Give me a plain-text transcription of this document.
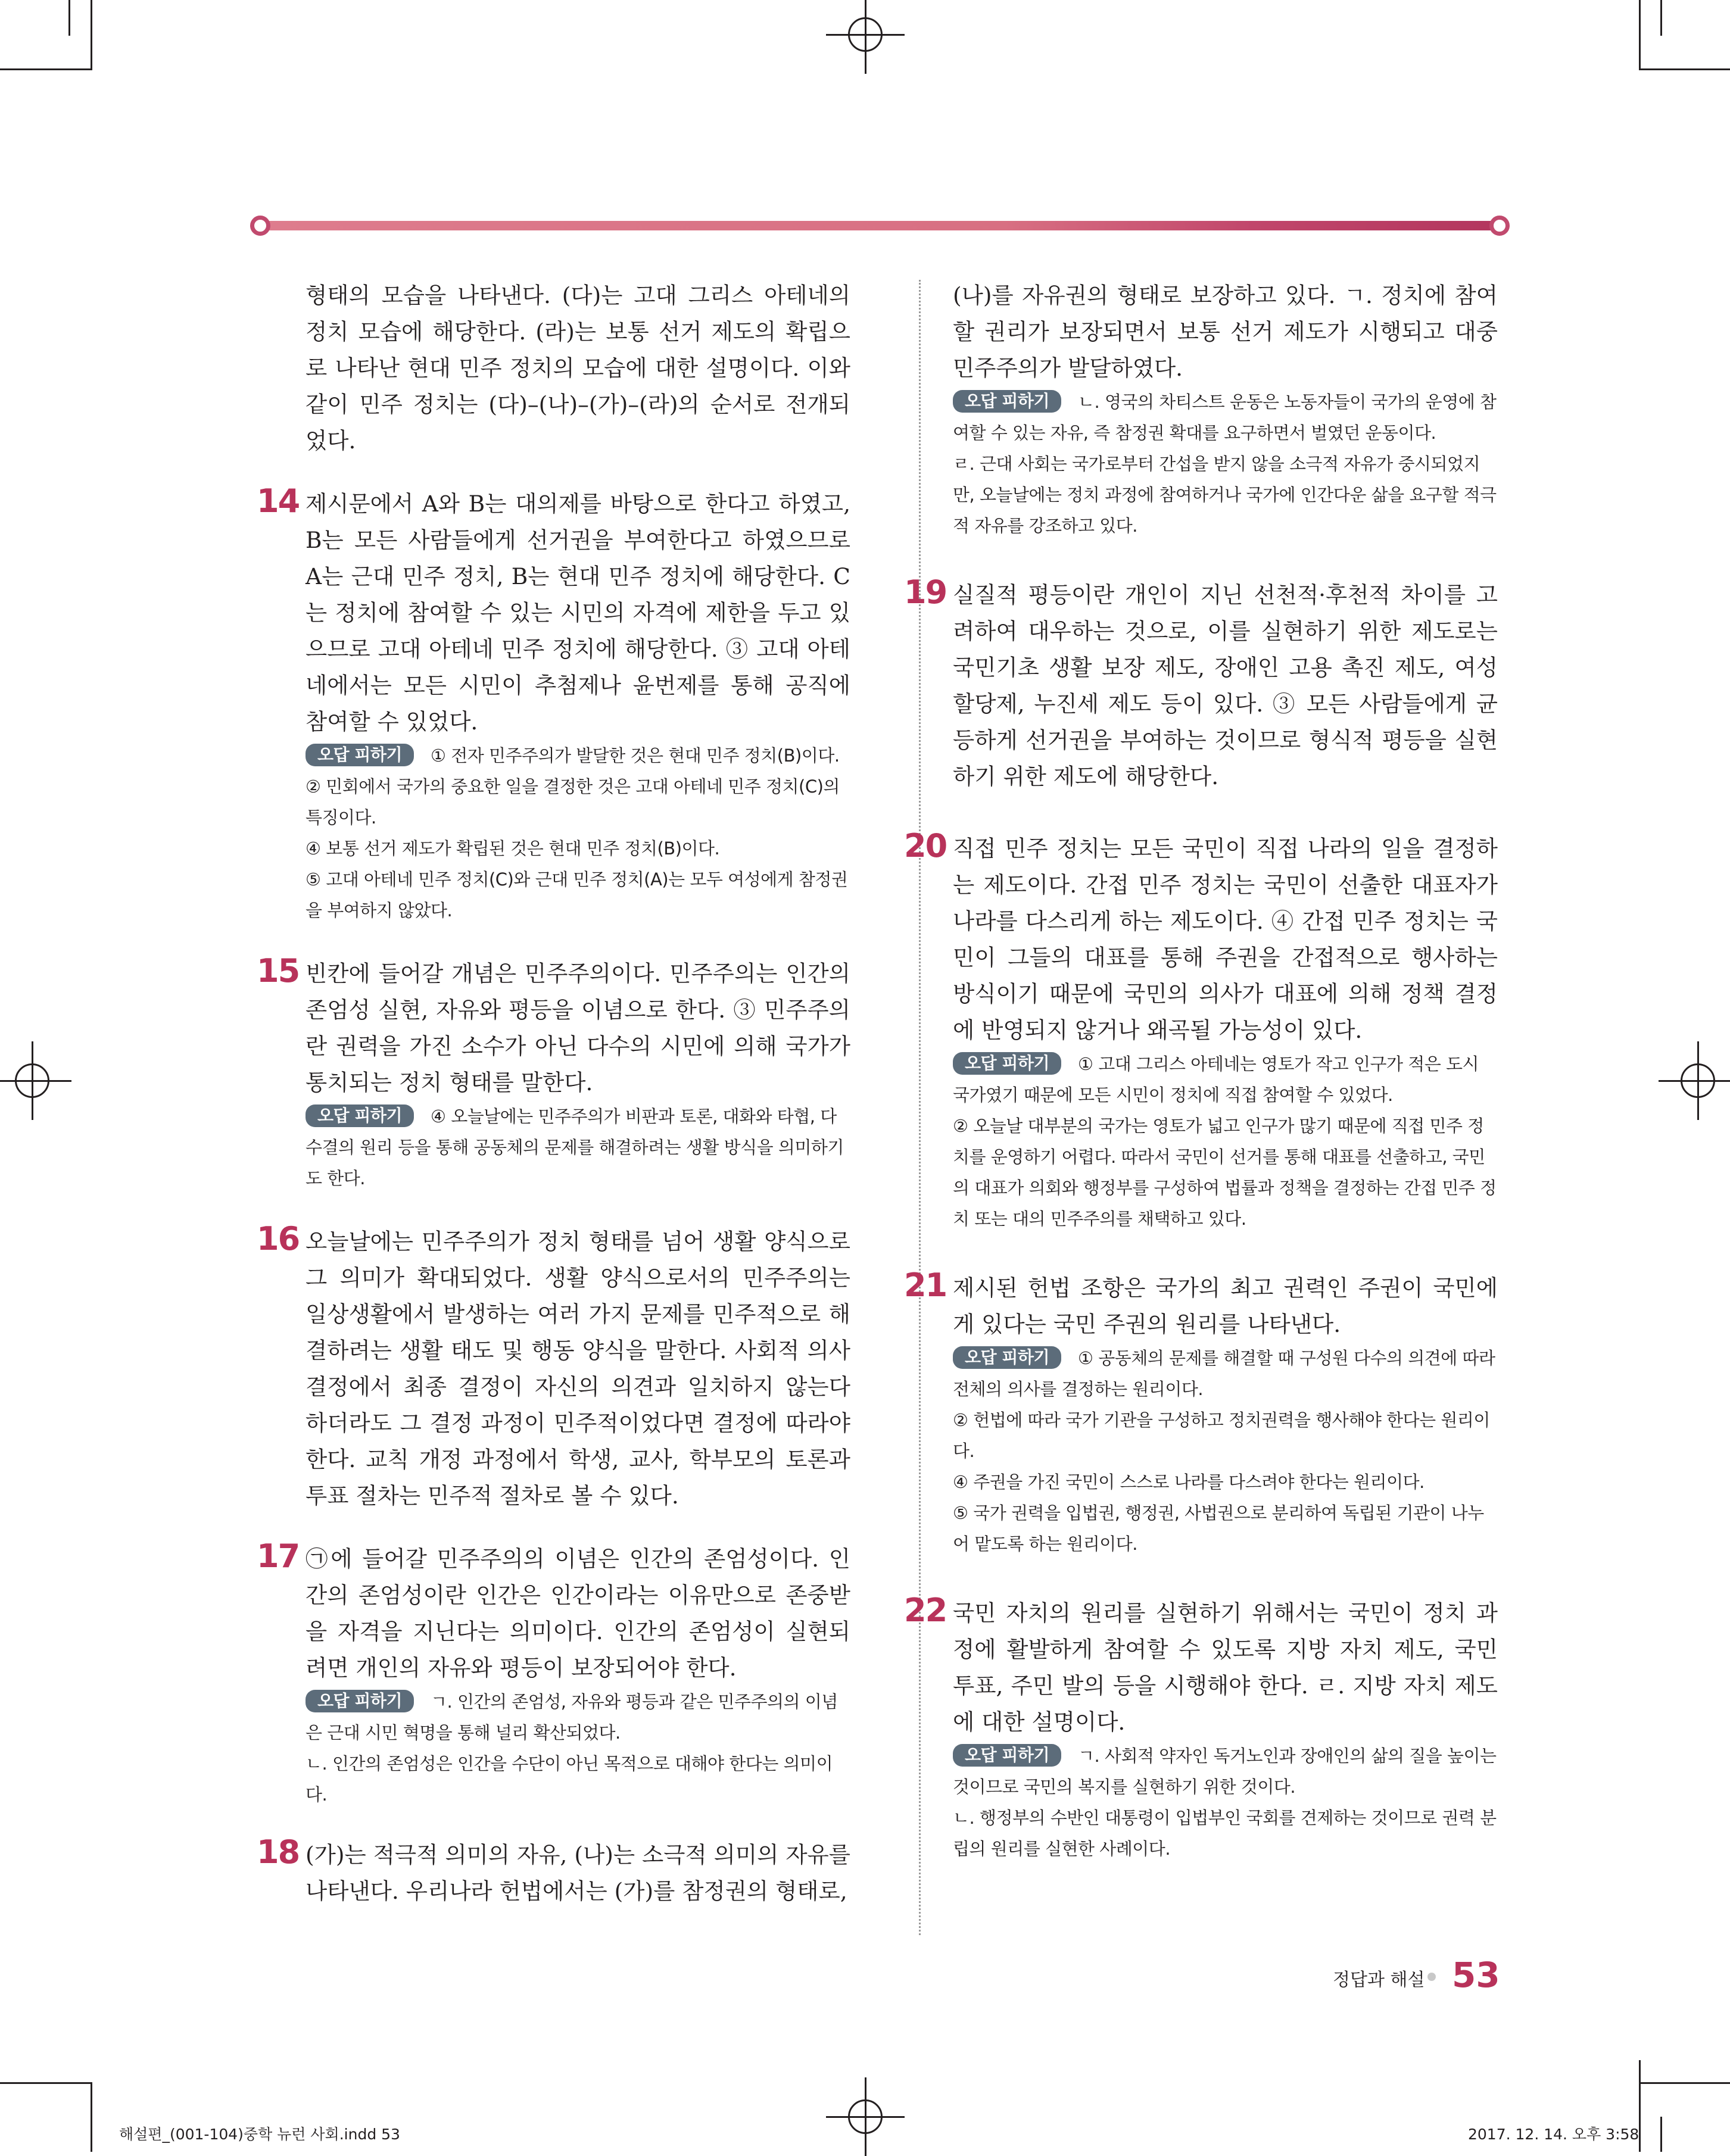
형태의 모습을 나타낸다. (다)는 고대 그리스 아테네의 정치 모습에 해당한다. (라)는 보통 선거 제도의 확립으로 나타난 현대 민주 정치의 모습에 대한 설명이다. 이와 같이 민주 정치는 (다)–(나)–(가)–(라)의 순서로 전개되었다.

14 제시문에서 A와 B는 대의제를 바탕으로 한다고 하였고, B는 모든 사람들에게 선거권을 부여한다고 하였으므로 A는 근대 민주 정치, B는 현대 민주 정치에 해당한다. C는 정치에 참여할 수 있는 시민의 자격에 제한을 두고 있으므로 고대 아테네 민주 정치에 해당한다. ③ 고대 아테네에서는 모든 시민이 추첨제나 윤번제를 통해 공직에 참여할 수 있었다.

오답 피하기 ① 전자 민주주의가 발달한 것은 현대 민주 정치(B)이다.

② 민회에서 국가의 중요한 일을 결정한 것은 고대 아테네 민주 정치(C)의 특징이다.

④ 보통 선거 제도가 확립된 것은 현대 민주 정치(B)이다.

⑤ 고대 아테네 민주 정치(C)와 근대 민주 정치(A)는 모두 여성에게 참정권을 부여하지 않았다.

15 빈칸에 들어갈 개념은 민주주의이다. 민주주의는 인간의 존엄성 실현, 자유와 평등을 이념으로 한다. ③ 민주주의란 권력을 가진 소수가 아닌 다수의 시민에 의해 국가가 통치되는 정치 형태를 말한다.

오답 피하기 ④ 오늘날에는 민주주의가 비판과 토론, 대화와 타협, 다수결의 원리 등을 통해 공동체의 문제를 해결하려는 생활 방식을 의미하기도 한다.

16 오늘날에는 민주주의가 정치 형태를 넘어 생활 양식으로 그 의미가 확대되었다. 생활 양식으로서의 민주주의는 일상생활에서 발생하는 여러 가지 문제를 민주적으로 해결하려는 생활 태도 및 행동 양식을 말한다. 사회적 의사 결정에서 최종 결정이 자신의 의견과 일치하지 않는다 하더라도 그 결정 과정이 민주적이었다면 결정에 따라야 한다. 교칙 개정 과정에서 학생, 교사, 학부모의 토론과 투표 절차는 민주적 절차로 볼 수 있다.

17 ㉠에 들어갈 민주주의의 이념은 인간의 존엄성이다. 인간의 존엄성이란 인간은 인간이라는 이유만으로 존중받을 자격을 지닌다는 의미이다. 인간의 존엄성이 실현되려면 개인의 자유와 평등이 보장되어야 한다.

오답 피하기 ㄱ. 인간의 존엄성, 자유와 평등과 같은 민주주의의 이념은 근대 시민 혁명을 통해 널리 확산되었다.

ㄴ. 인간의 존엄성은 인간을 수단이 아닌 목적으로 대해야 한다는 의미이다.

18 (가)는 적극적 의미의 자유, (나)는 소극적 의미의 자유를 나타낸다. 우리나라 헌법에서는 (가)를 참정권의 형태로,

(나)를 자유권의 형태로 보장하고 있다. ㄱ. 정치에 참여할 권리가 보장되면서 보통 선거 제도가 시행되고 대중 민주주의가 발달하였다.

오답 피하기 ㄴ. 영국의 차티스트 운동은 노동자들이 국가의 운영에 참여할 수 있는 자유, 즉 참정권 확대를 요구하면서 벌였던 운동이다.

ㄹ. 근대 사회는 국가로부터 간섭을 받지 않을 소극적 자유가 중시되었지만, 오늘날에는 정치 과정에 참여하거나 국가에 인간다운 삶을 요구할 적극적 자유를 강조하고 있다.

19 실질적 평등이란 개인이 지닌 선천적·후천적 차이를 고려하여 대우하는 것으로, 이를 실현하기 위한 제도로는 국민기초 생활 보장 제도, 장애인 고용 촉진 제도, 여성 할당제, 누진세 제도 등이 있다. ③ 모든 사람들에게 균등하게 선거권을 부여하는 것이므로 형식적 평등을 실현하기 위한 제도에 해당한다.

20 직접 민주 정치는 모든 국민이 직접 나라의 일을 결정하는 제도이다. 간접 민주 정치는 국민이 선출한 대표자가 나라를 다스리게 하는 제도이다. ④ 간접 민주 정치는 국민이 그들의 대표를 통해 주권을 간접적으로 행사하는 방식이기 때문에 국민의 의사가 대표에 의해 정책 결정에 반영되지 않거나 왜곡될 가능성이 있다.

오답 피하기 ① 고대 그리스 아테네는 영토가 작고 인구가 적은 도시 국가였기 때문에 모든 시민이 정치에 직접 참여할 수 있었다.

② 오늘날 대부분의 국가는 영토가 넓고 인구가 많기 때문에 직접 민주 정치를 운영하기 어렵다. 따라서 국민이 선거를 통해 대표를 선출하고, 국민의 대표가 의회와 행정부를 구성하여 법률과 정책을 결정하는 간접 민주 정치 또는 대의 민주주의를 채택하고 있다.

21 제시된 헌법 조항은 국가의 최고 권력인 주권이 국민에게 있다는 국민 주권의 원리를 나타낸다.

오답 피하기 ① 공동체의 문제를 해결할 때 구성원 다수의 의견에 따라 전체의 의사를 결정하는 원리이다.

② 헌법에 따라 국가 기관을 구성하고 정치권력을 행사해야 한다는 원리이다.

④ 주권을 가진 국민이 스스로 나라를 다스려야 한다는 원리이다.

⑤ 국가 권력을 입법권, 행정권, 사법권으로 분리하여 독립된 기관이 나누어 맡도록 하는 원리이다.

22 국민 자치의 원리를 실현하기 위해서는 국민이 정치 과정에 활발하게 참여할 수 있도록 지방 자치 제도, 국민 투표, 주민 발의 등을 시행해야 한다. ㄹ. 지방 자치 제도에 대한 설명이다.

오답 피하기 ㄱ. 사회적 약자인 독거노인과 장애인의 삶의 질을 높이는 것이므로 국민의 복지를 실현하기 위한 것이다.

ㄴ. 행정부의 수반인 대통령이 입법부인 국회를 견제하는 것이므로 권력 분립의 원리를 실현한 사례이다.

정답과 해설 53
해설편_(001-104)중학 뉴런 사회.indd 53	2017. 12. 14. 오후 3:58
